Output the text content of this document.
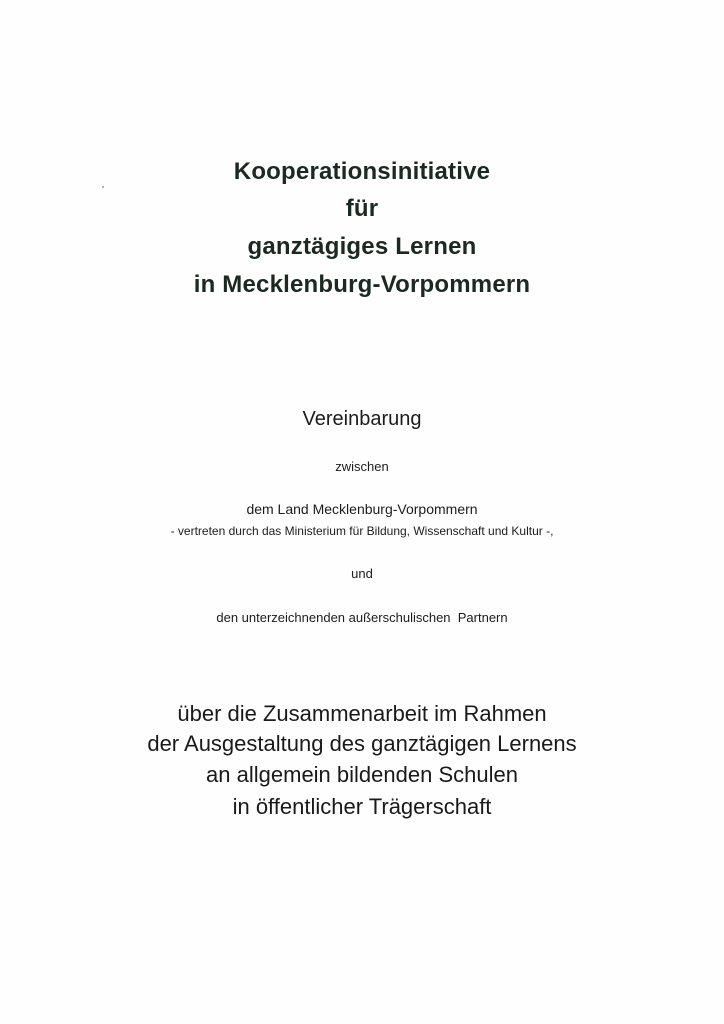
Kooperationsinitiative
für
ganztägiges Lernen
in Mecklenburg-Vorpommern
Vereinbarung
zwischen
dem Land Mecklenburg-Vorpommern
- vertreten durch das Ministerium für Bildung, Wissenschaft und Kultur -,
und
den unterzeichnenden außerschulischen  Partnern
über die Zusammenarbeit im Rahmen
der Ausgestaltung des ganztägigen Lernens
an allgemein bildenden Schulen
in öffentlicher Trägerschaft
